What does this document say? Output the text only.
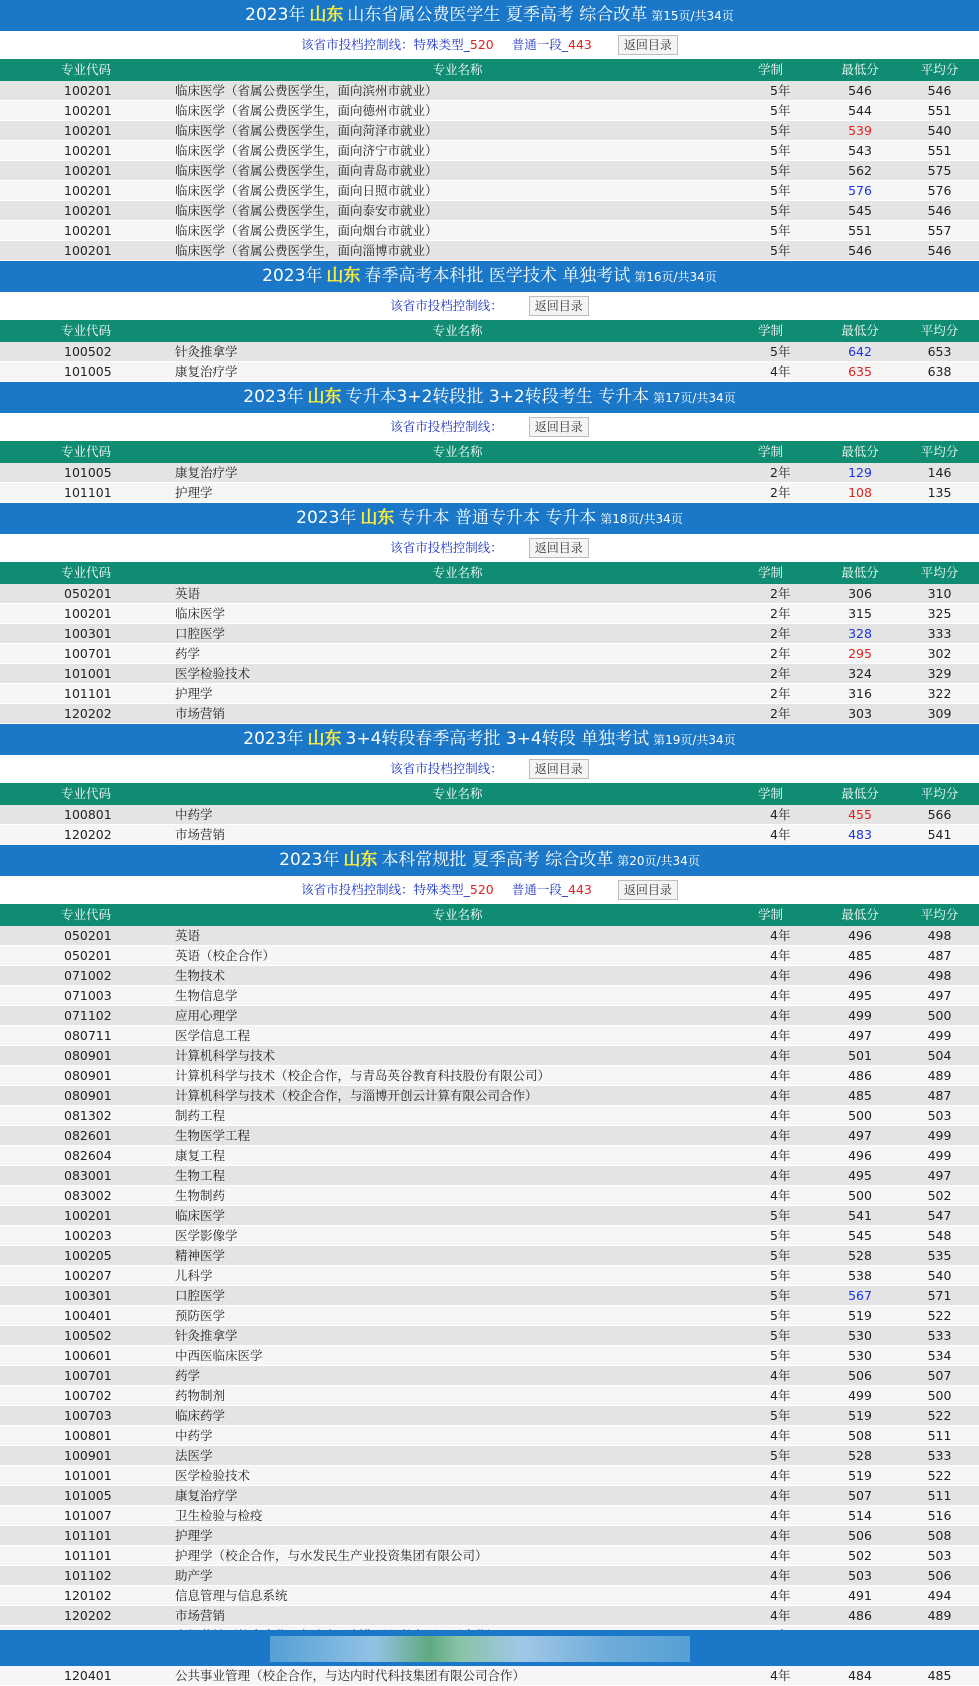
2023年 山东 山东省属公费医学生 夏季高考 综合改革 第15页/共34页
该省市投档控制线：特殊类型_520 普通一段_443	返回目录
专业代码	专业名称	学制	最低分	平均分
100201	临床医学（省属公费医学生，面向滨州市就业）	5年	546	546
100201	临床医学（省属公费医学生，面向德州市就业）	5年	544	551
100201	临床医学（省属公费医学生，面向菏泽市就业）	5年	539	540
100201	临床医学（省属公费医学生，面向济宁市就业）	5年	543	551
100201	临床医学（省属公费医学生，面向青岛市就业）	5年	562	575
100201	临床医学（省属公费医学生，面向日照市就业）	5年	576	576
100201	临床医学（省属公费医学生，面向泰安市就业）	5年	545	546
100201	临床医学（省属公费医学生，面向烟台市就业）	5年	551	557
100201	临床医学（省属公费医学生，面向淄博市就业）	5年	546	546
2023年 山东 春季高考本科批 医学技术 单独考试 第16页/共34页
该省市投档控制线：	返回目录
专业代码	专业名称	学制	最低分	平均分
100502	针灸推拿学	5年	642	653
101005	康复治疗学	4年	635	638
2023年 山东 专升本3+2转段批 3+2转段考生 专升本 第17页/共34页
该省市投档控制线：	返回目录
专业代码	专业名称	学制	最低分	平均分
101005	康复治疗学	2年	129	146
101101	护理学	2年	108	135
2023年 山东 专升本 普通专升本 专升本 第18页/共34页
该省市投档控制线：	返回目录
专业代码	专业名称	学制	最低分	平均分
050201	英语	2年	306	310
100201	临床医学	2年	315	325
100301	口腔医学	2年	328	333
100701	药学	2年	295	302
101001	医学检验技术	2年	324	329
101101	护理学	2年	316	322
120202	市场营销	2年	303	309
2023年 山东 3+4转段春季高考批 3+4转段 单独考试 第19页/共34页
该省市投档控制线：	返回目录
专业代码	专业名称	学制	最低分	平均分
100801	中药学	4年	455	566
120202	市场营销	4年	483	541
2023年 山东 本科常规批 夏季高考 综合改革 第20页/共34页
该省市投档控制线：特殊类型_520 普通一段_443	返回目录
专业代码	专业名称	学制	最低分	平均分
050201	英语	4年	496	498
050201	英语（校企合作）	4年	485	487
071002	生物技术	4年	496	498
071003	生物信息学	4年	495	497
071102	应用心理学	4年	499	500
080711	医学信息工程	4年	497	499
080901	计算机科学与技术	4年	501	504
080901	计算机科学与技术（校企合作，与青岛英谷教育科技股份有限公司）	4年	486	489
080901	计算机科学与技术（校企合作，与淄博开创云计算有限公司合作）	4年	485	487
081302	制药工程	4年	500	503
082601	生物医学工程	4年	497	499
082604	康复工程	4年	496	499
083001	生物工程	4年	495	497
083002	生物制药	4年	500	502
100201	临床医学	5年	541	547
100203	医学影像学	5年	545	548
100205	精神医学	5年	528	535
100207	儿科学	5年	538	540
100301	口腔医学	5年	567	571
100401	预防医学	5年	519	522
100502	针灸推拿学	5年	530	533
100601	中西医临床医学	5年	530	534
100701	药学	4年	506	507
100702	药物制剂	4年	499	500
100703	临床药学	5年	519	522
100801	中药学	4年	508	511
100901	法医学	5年	528	533
101001	医学检验技术	4年	519	522
101005	康复治疗学	4年	507	511
101007	卫生检验与检疫	4年	514	516
101101	护理学	4年	506	508
101101	护理学（校企合作，与水发民生产业投资集团有限公司）	4年	502	503
101102	助产学	4年	503	506
120102	信息管理与信息系统	4年	491	494
120202	市场营销	4年	486	489
120401	公共事业管理（校企合作，与达内时代科技集团有限公司合作）	4年	484	485
